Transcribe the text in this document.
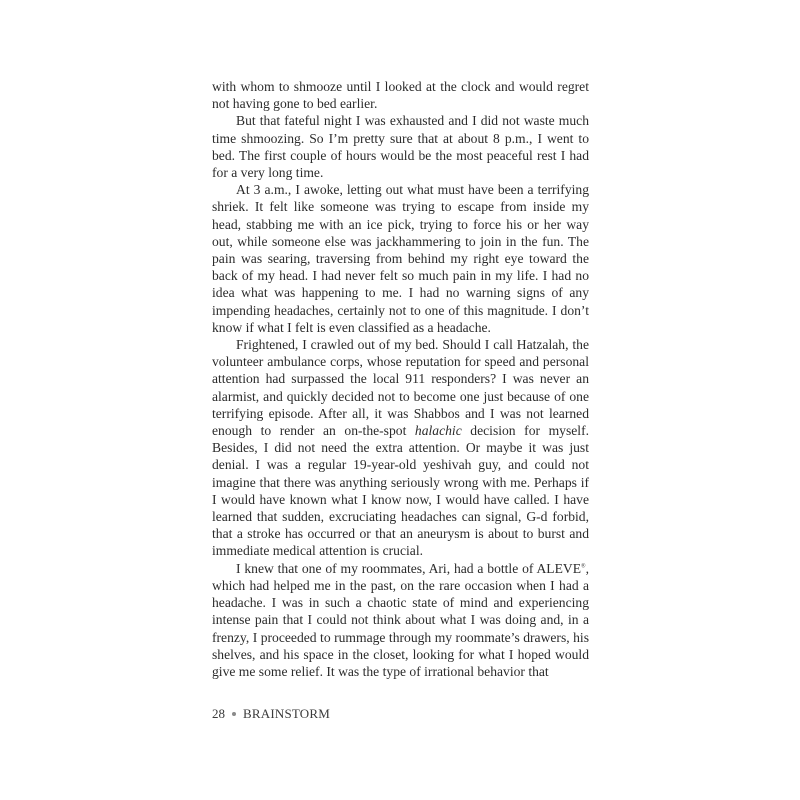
with whom to shmooze until I looked at the clock and would regret not having gone to bed earlier.

But that fateful night I was exhausted and I did not waste much time shmoozing. So I’m pretty sure that at about 8 p.m., I went to bed. The first couple of hours would be the most peaceful rest I had for a very long time.

At 3 a.m., I awoke, letting out what must have been a terrifying shriek. It felt like someone was trying to escape from inside my head, stabbing me with an ice pick, trying to force his or her way out, while someone else was jackhammering to join in the fun. The pain was searing, traversing from behind my right eye toward the back of my head. I had never felt so much pain in my life. I had no idea what was happening to me. I had no warning signs of any impending headaches, certainly not to one of this magnitude. I don’t know if what I felt is even classified as a headache.

Frightened, I crawled out of my bed. Should I call Hatzalah, the volunteer ambulance corps, whose reputation for speed and personal attention had surpassed the local 911 responders? I was never an alarmist, and quickly decided not to become one just because of one terrifying episode. After all, it was Shabbos and I was not learned enough to render an on-the-spot halachic decision for myself. Besides, I did not need the extra attention. Or maybe it was just denial. I was a regular 19-year-old yeshivah guy, and could not imagine that there was anything seriously wrong with me. Perhaps if I would have known what I know now, I would have called. I have learned that sudden, excruciating headaches can signal, G-d forbid, that a stroke has occurred or that an aneurysm is about to burst and immediate medical attention is crucial.

I knew that one of my roommates, Ari, had a bottle of ALEVE®, which had helped me in the past, on the rare occasion when I had a headache. I was in such a chaotic state of mind and experiencing intense pain that I could not think about what I was doing and, in a frenzy, I proceeded to rummage through my roommate’s drawers, his shelves, and his space in the closet, looking for what I hoped would give me some relief. It was the type of irrational behavior that

28 BRAINSTORM
